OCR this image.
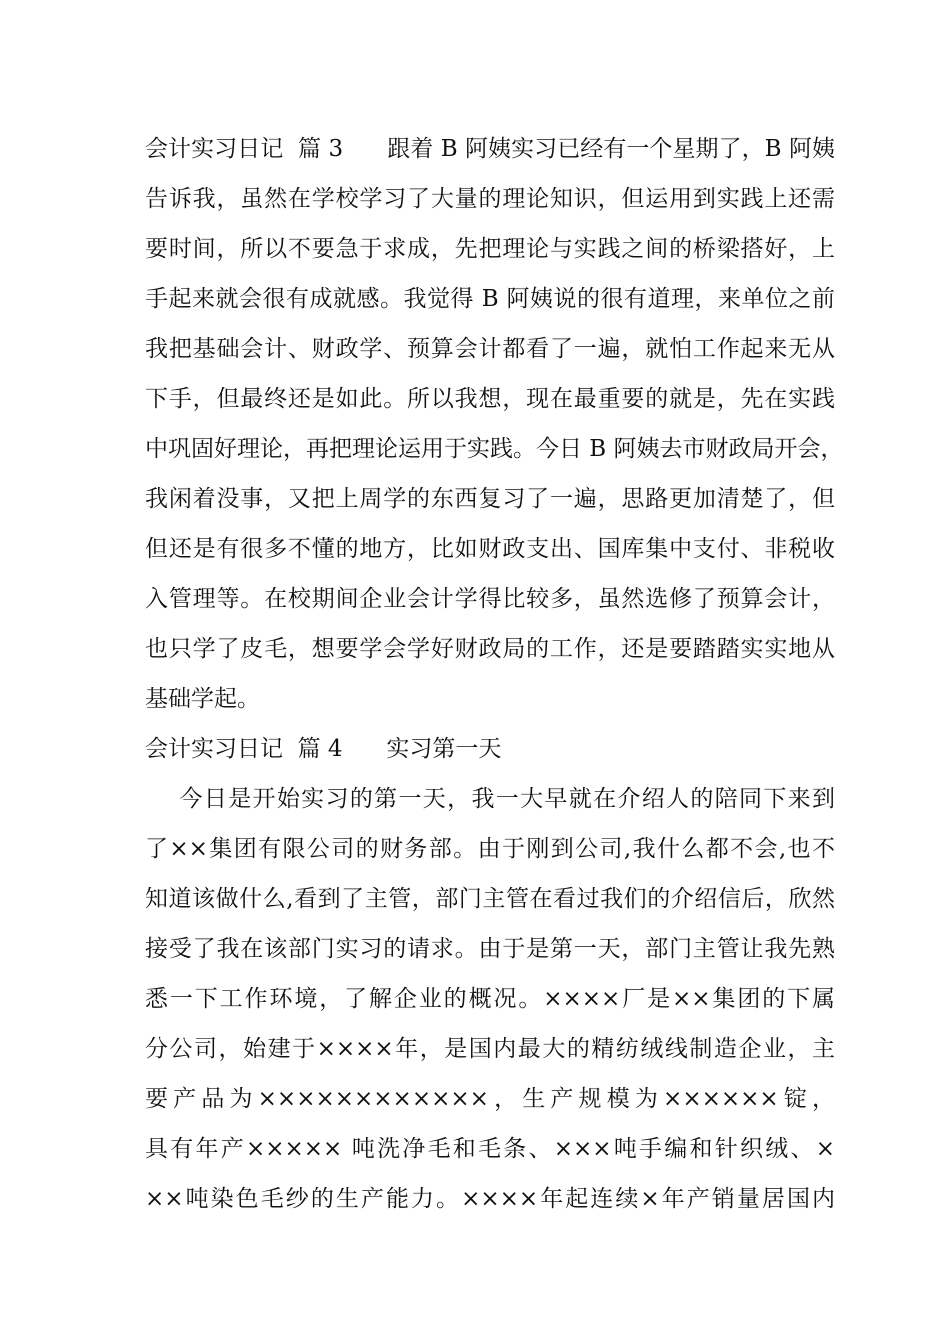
会计实习日记  篇 3      跟着 B 阿姨实习已经有一个星期了，B 阿姨
告诉我，虽然在学校学习了大量的理论知识，但运用到实践上还需
要时间，所以不要急于求成，先把理论与实践之间的桥梁搭好，上
手起来就会很有成就感。我觉得 B 阿姨说的很有道理，来单位之前
我把基础会计、财政学、预算会计都看了一遍，就怕工作起来无从
下手，但最终还是如此。所以我想，现在最重要的就是，先在实践
中巩固好理论，再把理论运用于实践。今日 B 阿姨去市财政局开会，
我闲着没事，又把上周学的东西复习了一遍，思路更加清楚了，但
但还是有很多不懂的地方，比如财政支出、国库集中支付、非税收
入管理等。在校期间企业会计学得比较多，虽然选修了预算会计，
也只学了皮毛，想要学会学好财政局的工作，还是要踏踏实实地从
基础学起。
会计实习日记  篇 4      实习第一天
今日是开始实习的第一天，我一大早就在介绍人的陪同下来到
了××集团有限公司的财务部。由于刚到公司,我什么都不会,也不
知道该做什么,看到了主管，部门主管在看过我们的介绍信后，欣然
接受了我在该部门实习的请求。由于是第一天，部门主管让我先熟
悉一下工作环境，了解企业的概况。××××厂是××集团的下属
分公司，始建于××××年，是国内最大的精纺绒线制造企业，主
要产品为××××××××××××，生产规模为××××××锭，
具有年产××××× 吨洗净毛和毛条、×××吨手编和针织绒、×
××吨染色毛纱的生产能力。××××年起连续×年产销量居国内
